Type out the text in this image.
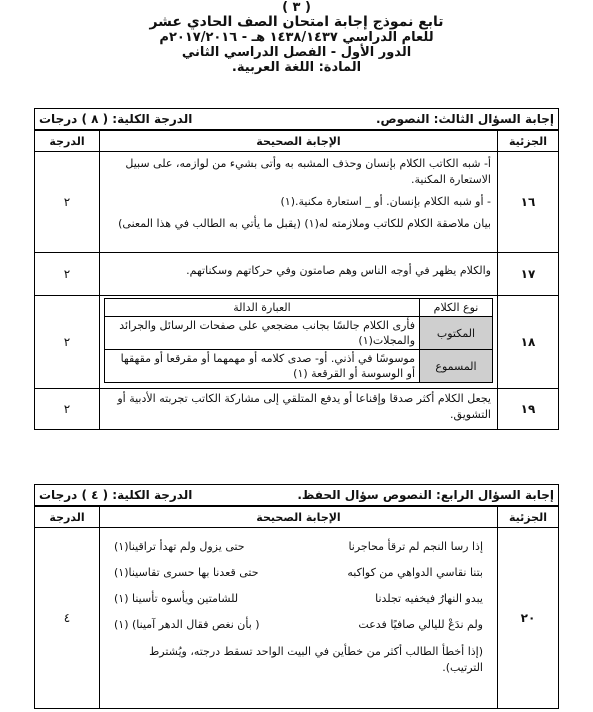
( ٣ )
تابع نموذج إجابة امتحان الصف الحادي عشر
للعام الدراسي ١٤٣٨/١٤٣٧ هـ - ٢٠١٧/٢٠١٦م
الدور الأول - الفصل الدراسي الثاني
المادة: اللغة العربية.
إجابة السؤال الثالث: النصوص.
الدرجة الكلية: ( ٨ ) درجات
الجزئية
الإجابة الصحيحة
الدرجة
١٦

أ- شبه الكاتب الكلام بإنسان وحذف المشبه به وأتى بشيء من لوازمه، على سبيل الاستعارة المكنية.

- أو شبه الكلام بإنسان. أو _ استعارة مكنية.(١)

بيان ملاصقة الكلام للكاتب وملازمته له(١) (يقبل ما يأتي به الطالب في هذا المعنى)

٢
١٧

والكلام يظهر في أوجه الناس وهم صامتون وفي حركاتهم وسكناتهم.

٢
١٨
نوع الكلام	العبارة الدالة
المكتوب	فأرى الكلام جالسًا بجانب مضجعي على صفحات الرسائل والجرائد والمجلات(١)
المسموع	موسوسًا في أذني. أو- صدى كلامه أو مهمهما أو مقرقعا أو مقهقها أو الوسوسة أو القرقعة (١)
٢
١٩

يجعل الكلام أكثر صدقا وإقناعا أو يدفع المتلقي إلى مشاركة الكاتب تجربته الأدبية أو التشويق.

٢
إجابة السؤال الرابع: النصوص سؤال الحفظ.
الدرجة الكلية: ( ٤ ) درجات
الجزئية
الإجابة الصحيحة
الدرجة
٢٠
إذا رسا النجم لم ترقأ محاجرنا
حتى يزول ولم تهدأ تراقينا(١)
بتنا نقاسي الدواهي من كواكبه
حتى قعدنا بها حسرى تقاسينا(١)
يبدو النهارُ فيخفيه تجلدنا
للشامتين ويأسوه تأسينا (١)
ولم ندَعْ لليالي صافيًا فدعت
( بأن نغص فقال الدهر آمينا) (١)

(إذا أخطأ الطالب أكثر من خطأين في البيت الواحد تسقط درجته، ويُشترط الترتيب).

٤
